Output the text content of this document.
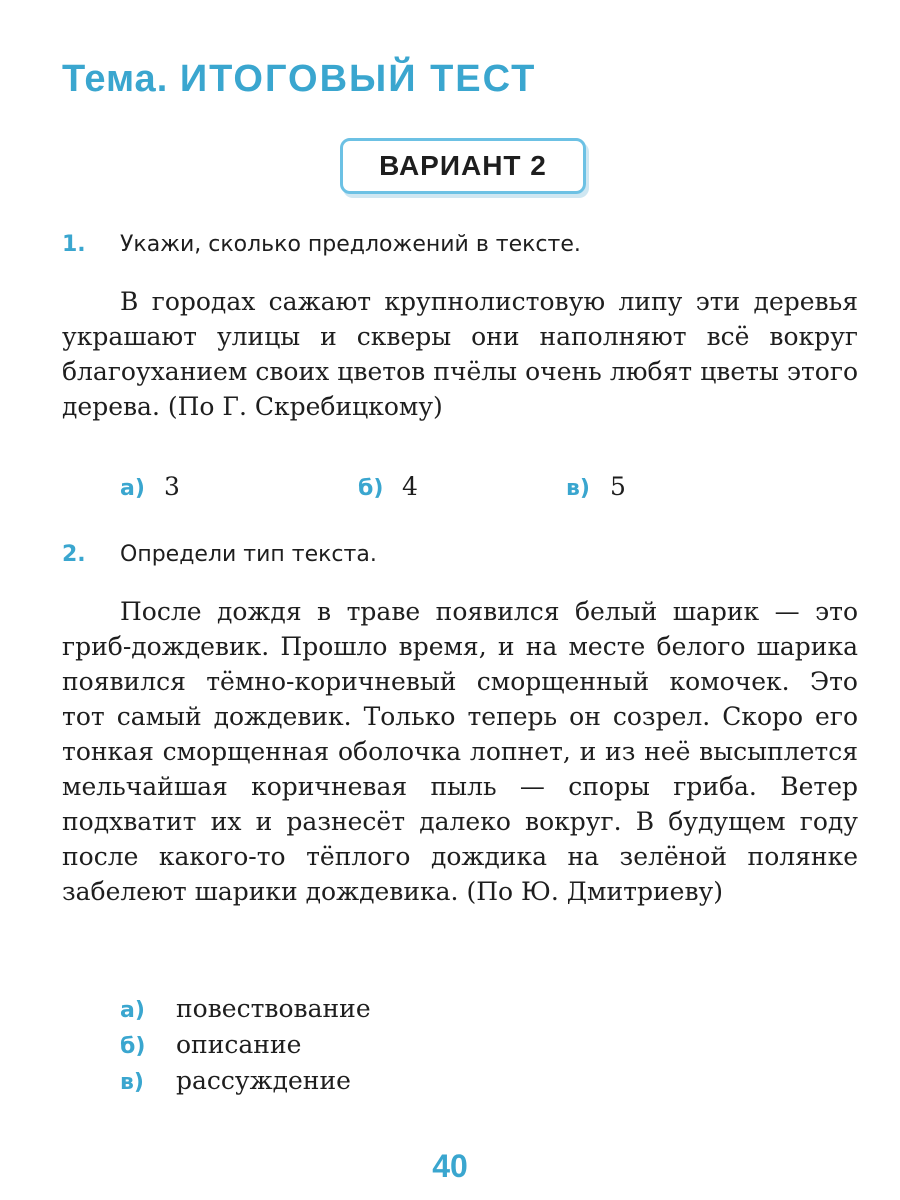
Тема. ИТОГОВЫЙ ТЕСТ
ВАРИАНТ 2
1. Укажи, сколько предложений в тексте.

В городах сажают крупнолистовую липу эти деревья украшают улицы и скверы они наполняют всё вокруг благоуханием своих цветов пчёлы очень любят цветы этого дерева. (По Г. Скребицкому)

а) 3	б) 4	в) 5
2. Определи тип текста.

После дождя в траве появился белый шарик — это гриб-дождевик. Прошло время, и на месте белого шарика появился тёмно-коричневый сморщенный комочек. Это тот самый дождевик. Только теперь он созрел. Скоро его тонкая сморщенная оболочка лопнет, и из неё высыплется мельчайшая коричневая пыль — споры гриба. Ветер подхватит их и разнесёт далеко вокруг. В будущем году после какого-то тёплого дождика на зелёной полянке забелеют шарики дождевика. (По Ю. Дмитриеву)

а) повествование
б) описание
в) рассуждение
40
